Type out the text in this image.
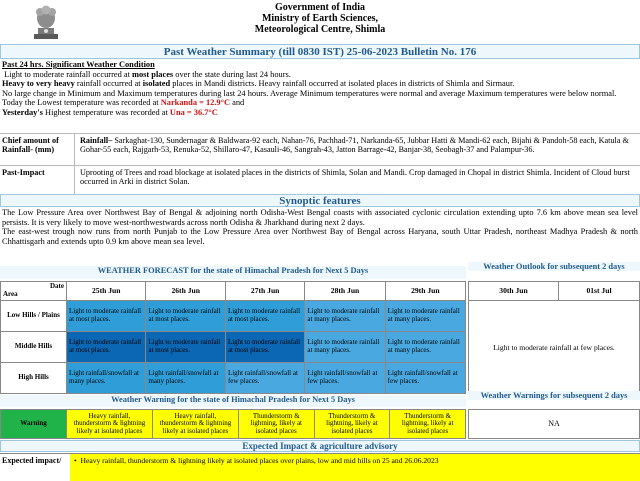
Government of India
Ministry of Earth Sciences,
Meteorological Centre, Shimla
Past Weather Summary (till 0830 IST) 25-06-2023 Bulletin No. 176
Past 24 hrs. Significant Weather Condition
Light to moderate rainfall occurred at most places over the state during last 24 hours.
Heavy to very heavy rainfall occurred at isolated places in Mandi districts. Heavy rainfall occurred at isolated places in districts of Shimla and Sirmaur.
No large change in Minimum and Maximum temperatures during last 24 hours. Average Minimum temperatures were normal and average Maximum temperatures were below normal.
Today the Lowest temperature was recorded at Narkanda = 12.9°C and
Yesterday's Highest temperature was recorded at Una = 36.7°C
Chief amount of Rainfall- (mm)
Rainfall– Sarkaghat-130, Sundernagar & Baldwara-92 each, Nahan-76, Pachhad-71, Narkanda-65, Jubbar Hatti & Mandi-62 each, Bijahi & Pandoh-58 each, Katula & Gohar-55 each, Rajgarh-53, Renuka-52, Shillaro-47, Kasauli-46, Sangrah-43, Jatton Barrage-42, Banjar-38, Seobagh-37 and Palampur-36.
Past-Impact	Uprooting of Trees and road blockage at isolated places in the districts of Shimla, Solan and Mandi. Crop damaged in Chopal in district Shimla. Incident of Cloud burst occurred in Arki in district Solan.
Synoptic features
The Low Pressure Area over Northwest Bay of Bengal & adjoining north Odisha-West Bengal coasts with associated cyclonic circulation extending upto 7.6 km above mean sea level persists. It is very likely to move west-northwestwards across north Odisha & Jharkhand during next 2 days.
The east-west trough now runs from north Punjab to the Low Pressure Area over Northwest Bay of Bengal across Haryana, south Uttar Pradesh, northeast Madhya Pradesh & north Chhattisgarh and extends upto 0.9 km above mean sea level.
WEATHER FORECAST for the state of Himachal Pradesh for Next 5 Days	Weather Outlook for subsequent 2 days
Date
Area	25th Jun	26th Jun	27th Jun	28th Jun	29th Jun
Low Hills / Plains	Light to moderate rainfall at most places.	Light to moderate rainfall at most places.	Light to moderate rainfall at most places.	Light to moderate rainfall at many places.	Light to moderate rainfall at many places.
Middle Hills	Light to moderate rainfall at most places.	Light to moderate rainfall at most places.	Light to moderate rainfall at most places.	Light to moderate rainfall at many places.	Light to moderate rainfall at many places.
High Hills	Light rainfall/snowfall at many places.	Light rainfall/snowfall at many places.	Light rainfall/snowfall at few places.	Light rainfall/snowfall at few places.	Light rainfall/snowfall at few places.
30th Jun	01st Jul
Light to moderate rainfall at few places.
Weather Warning for the state of Himachal Pradesh for Next 5 Days	Weather Warnings for subsequent 2 days
Warning	Heavy rainfall, thunderstorm & lightning likely at isolated places	Heavy rainfall, thunderstorm & lightning likely at isolated places	Thunderstorm & lightning, likely at isolated places	Thunderstorm & lightning, likely at isolated places	Thunderstorm & lightning, likely at isolated places
NA
Expected Impact & agriculture advisory
Expected impact/	•  Heavy rainfall, thunderstorm & lightning likely at isolated places over plains, low and mid hills on 25 and 26.06.2023
